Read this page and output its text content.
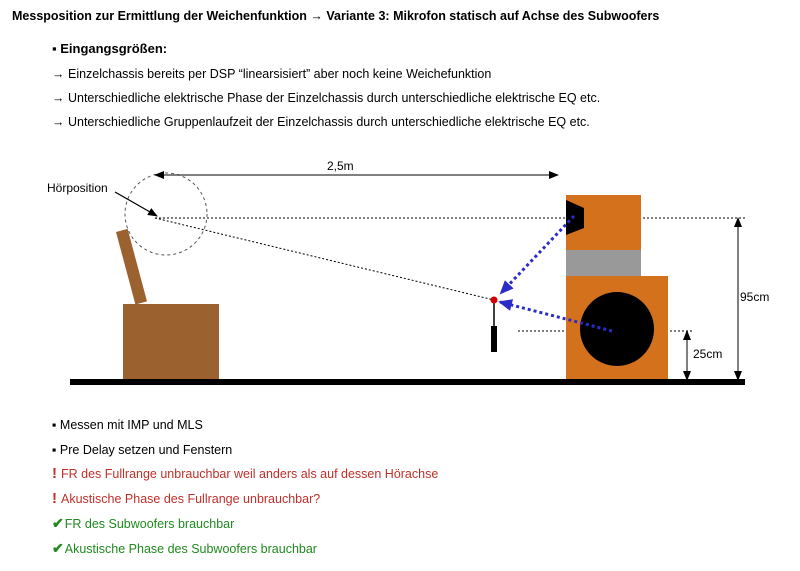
Messposition zur Ermittlung der Weichenfunktion → Variante 3: Mikrofon statisch auf Achse des Subwoofers
▪ Eingangsgrößen:
→ Einzelchassis bereits per DSP “linearsisiert” aber noch keine Weichefunktion
→ Unterschiedliche elektrische Phase der Einzelchassis durch unterschiedliche elektrische EQ etc.
→ Unterschiedliche Gruppenlaufzeit der Einzelchassis durch unterschiedliche elektrische EQ etc.
2,5m
Hörposition
95cm
25cm
▪ Messen mit IMP und MLS
▪ Pre Delay setzen und Fenstern
! FR des Fullrange unbrauchbar weil anders als auf dessen Hörachse
! Akustische Phase des Fullrange unbrauchbar?
✔FR des Subwoofers brauchbar
✔Akustische Phase des Subwoofers brauchbar
